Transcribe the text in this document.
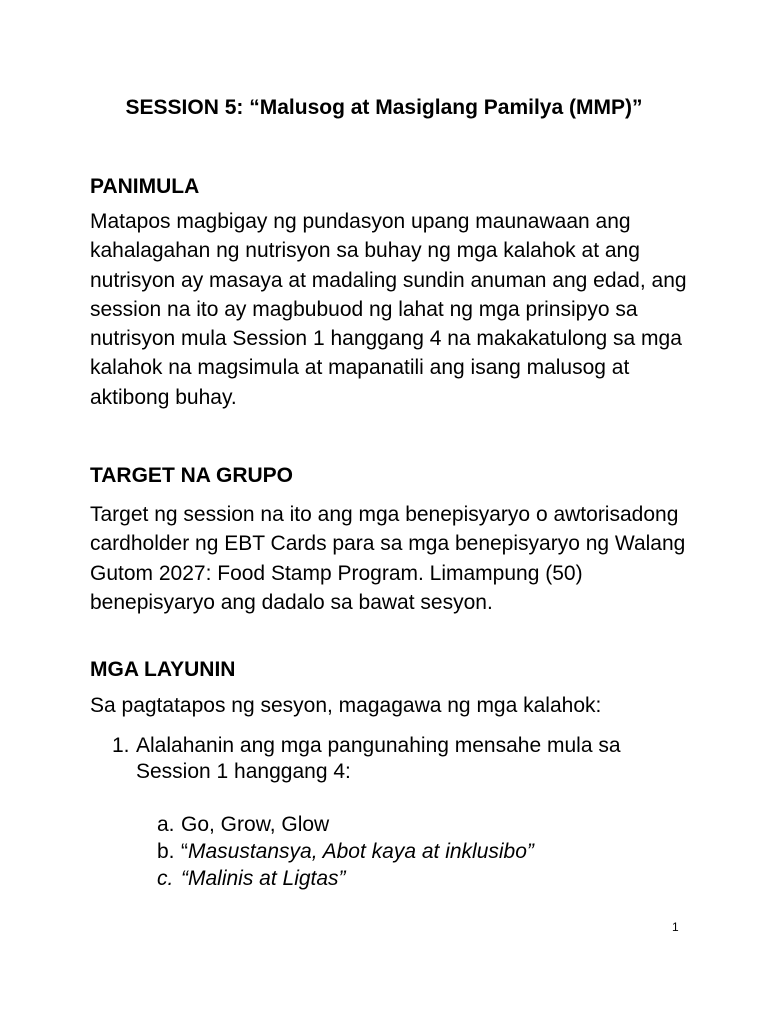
SESSION 5: “Malusog at Masiglang Pamilya (MMP)”
PANIMULA
Matapos magbigay ng pundasyon upang maunawaan ang kahalagahan ng nutrisyon sa buhay ng mga kalahok at ang nutrisyon ay masaya at madaling sundin anuman ang edad, ang session na ito ay magbubuod ng lahat ng mga prinsipyo sa nutrisyon mula Session 1 hanggang 4 na makakatulong sa mga kalahok na magsimula at mapanatili ang isang malusog at aktibong buhay.
TARGET NA GRUPO
Target ng session na ito ang mga benepisyaryo o awtorisadong cardholder ng EBT Cards para sa mga benepisyaryo ng Walang Gutom 2027: Food Stamp Program. Limampung (50) benepisyaryo ang dadalo sa bawat sesyon.
MGA LAYUNIN
Sa pagtatapos ng sesyon, magagawa ng mga kalahok:
1. Alalahanin ang mga pangunahing mensahe mula sa Session 1 hanggang 4:
a. Go, Grow, Glow
b. “Masustansya, Abot kaya at inklusibo”
c. “Malinis at Ligtas”
1
